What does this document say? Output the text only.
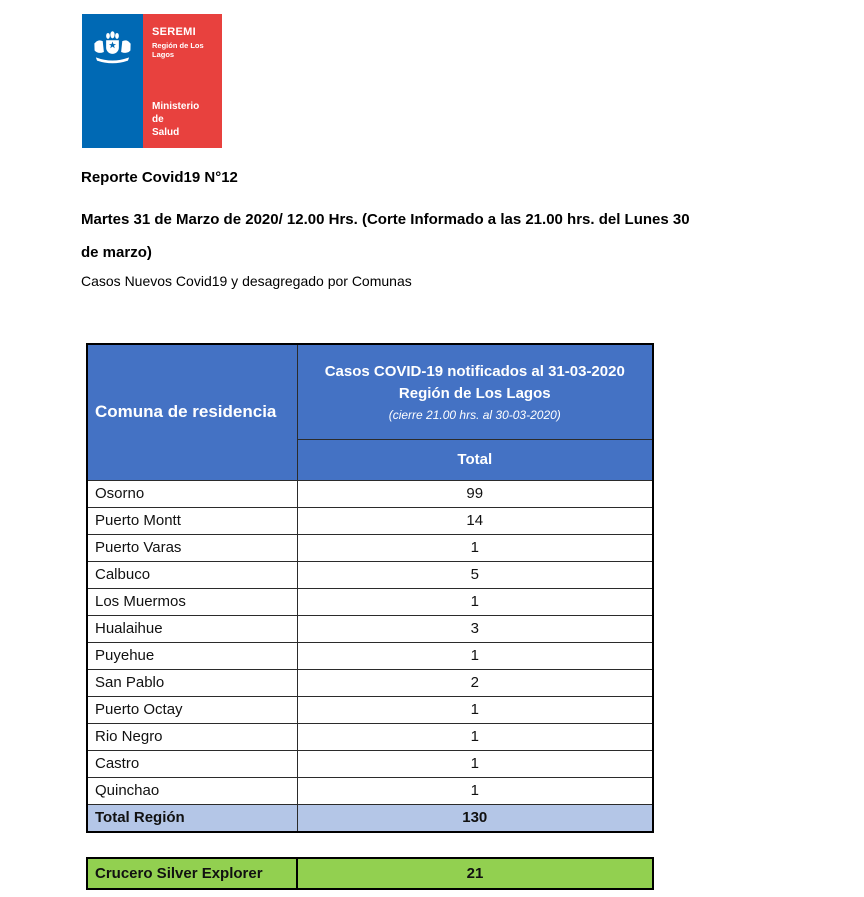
SEREMI
Región de Los Lagos
Ministerio de
Salud
Reporte Covid19 N°12

Martes 31 de Marzo de 2020/ 12.00 Hrs. (Corte Informado a las 21.00 hrs. del Lunes 30
de marzo)

Casos Nuevos Covid19 y desagregado por Comunas

Comuna de residencia	Casos COVID-19 notificados al 31-03-2020
Región de Los Lagos
(cierre 21.00 hrs. al 30-03-2020)

	Total
Osorno	99
Puerto Montt	14
Puerto Varas	1
Calbuco	5
Los Muermos	1
Hualaihue	3
Puyehue	1
San Pablo	2
Puerto Octay	1
Rio Negro	1
Castro	1
Quinchao	1
Total Región	130
Crucero Silver Explorer	21
